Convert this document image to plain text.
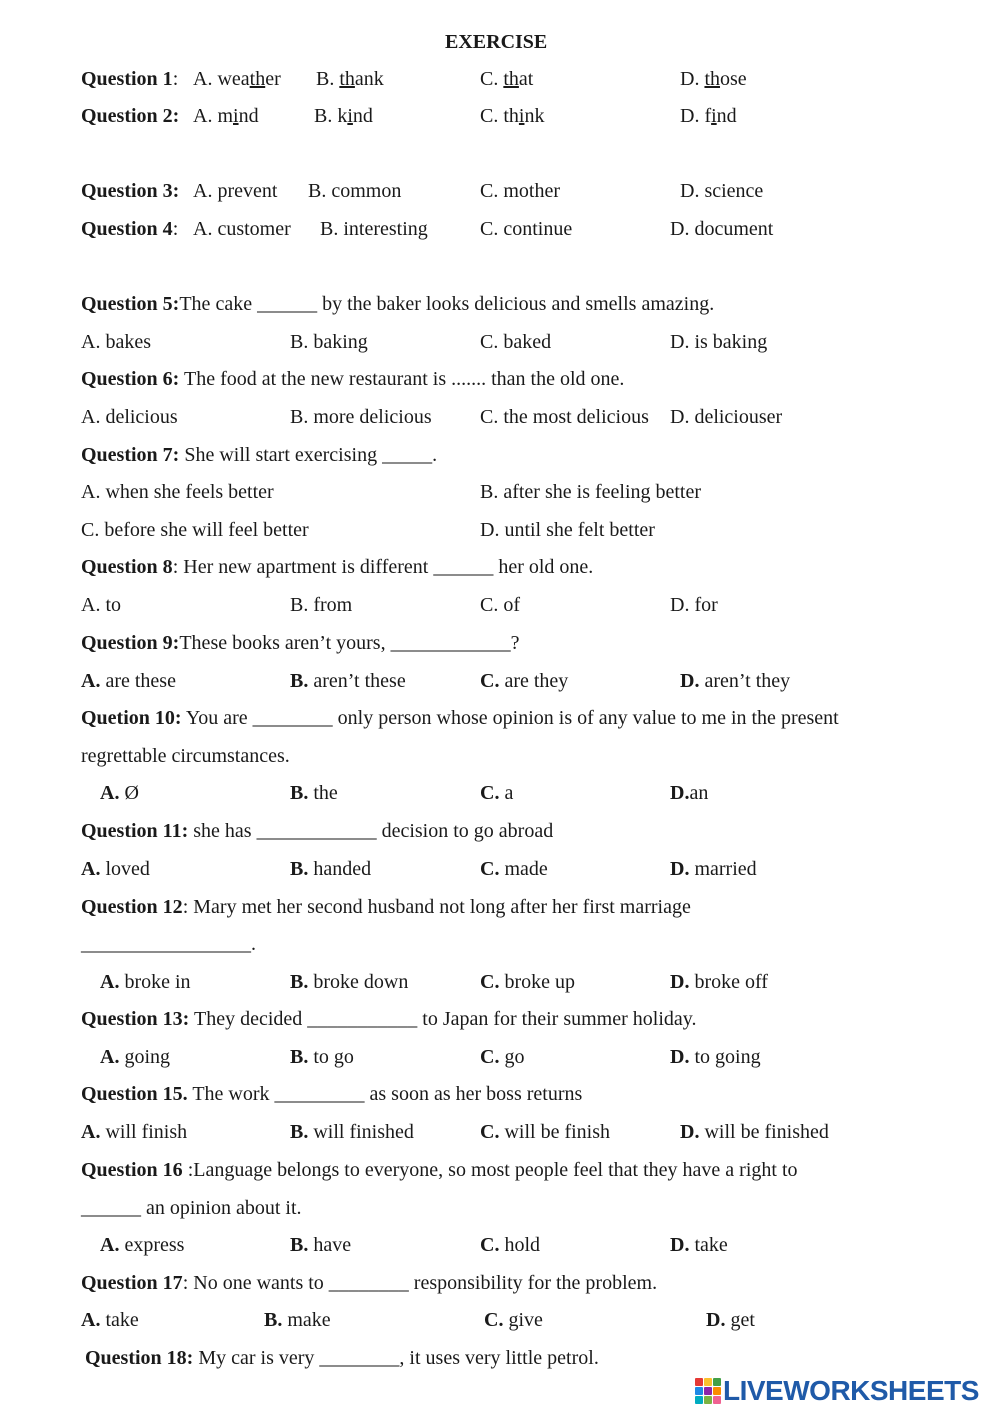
EXERCISE
Question 1: A. weather B. thank	C. that	D. those
Question 2: A. mind	B. kind	C. think	D. find
Question 3: A. prevent B. common	C. mother	D. science
Question 4: A. customer B. interesting	C. continue	D. document
Question 5:The cake ______ by the baker looks delicious and smells amazing.
A. bakes	B. baking	C. baked	D. is baking
Question 6: The food at the new restaurant is ....... than the old one.
A. delicious	B. more delicious C. the most delicious D. deliciouser
Question 7: She will start exercising _____.
A. when she feels better	B. after she is feeling better
C. before she will feel better	D. until she felt better
Question 8: Her new apartment is different ______ her old one.
A. to	B. from	C. of	D. for
Question 9:These books aren’t yours, ____________?
A. are these	B. aren’t these	C. are they	D. aren’t they
Quetion 10: You are ________ only person whose opinion is of any value to me in the present
regrettable circumstances.
A. Ø	B. the	C. a	D.an
Question 11: she has ____________ decision to go abroad
A. loved	B. handed	C. made	D. married
Question 12: Mary met her second husband not long after her first marriage
_________________.
A. broke in	B. broke down	C. broke up	D. broke off
Question 13: They decided ___________ to Japan for their summer holiday.
A. going	B. to go	C. go	D. to going
Question 15. The work _________ as soon as her boss returns
A. will finish	B. will finished	C. will be finish	D. will be finished
Question 16 :Language belongs to everyone, so most people feel that they have a right to
______ an opinion about it.
A. express	B. have	C. hold	D. take
Question 17: No one wants to ________ responsibility for the problem.
A. take	B. make	C. give	D. get
Question 18: My car is very ________, it uses very little petrol.
LIVEWORKSHEETS
